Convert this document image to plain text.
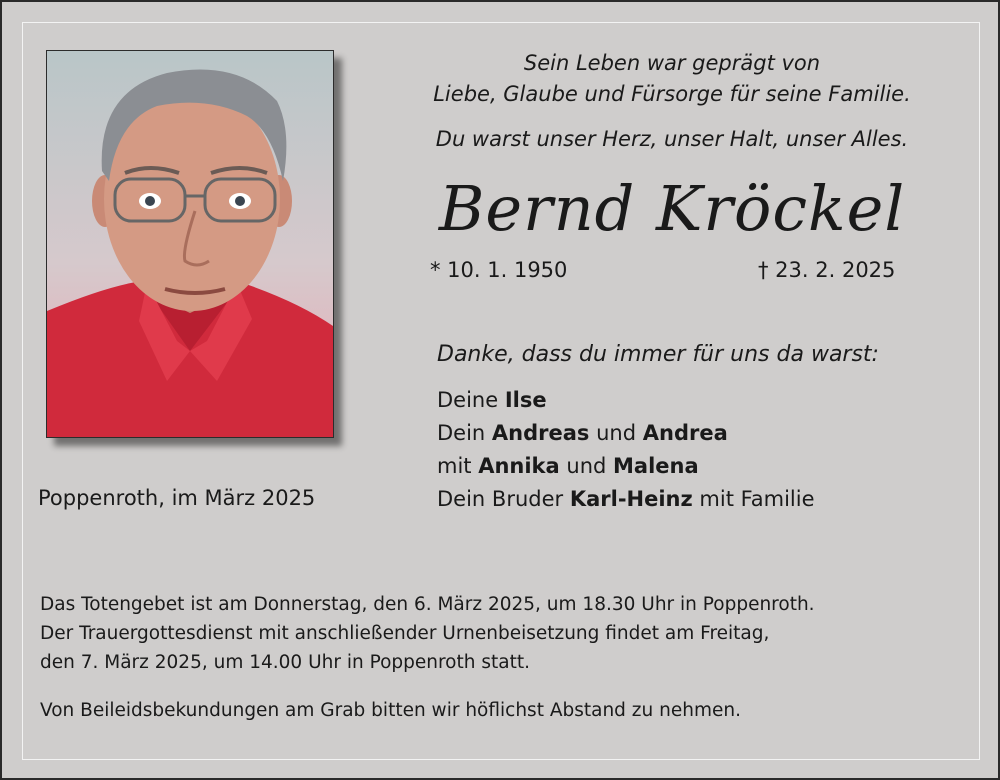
Sein Leben war geprägt von
Liebe, Glaube und Fürsorge für seine Familie.
Du warst unser Herz, unser Halt, unser Alles.
Bernd Kröckel
* 10. 1. 1950	† 23. 2. 2025
Danke, dass du immer für uns da warst:
Deine Ilse
Dein Andreas und Andrea
mit Annika und Malena
Dein Bruder Karl-Heinz mit Familie
Poppenroth, im März 2025
Das Totengebet ist am Donnerstag, den 6. März 2025, um 18.30 Uhr in Poppenroth.
Der Trauergottesdienst mit anschließender Urnenbeisetzung findet am Freitag,
den 7. März 2025, um 14.00 Uhr in Poppenroth statt.
Von Beileidsbekundungen am Grab bitten wir höflichst Abstand zu nehmen.
